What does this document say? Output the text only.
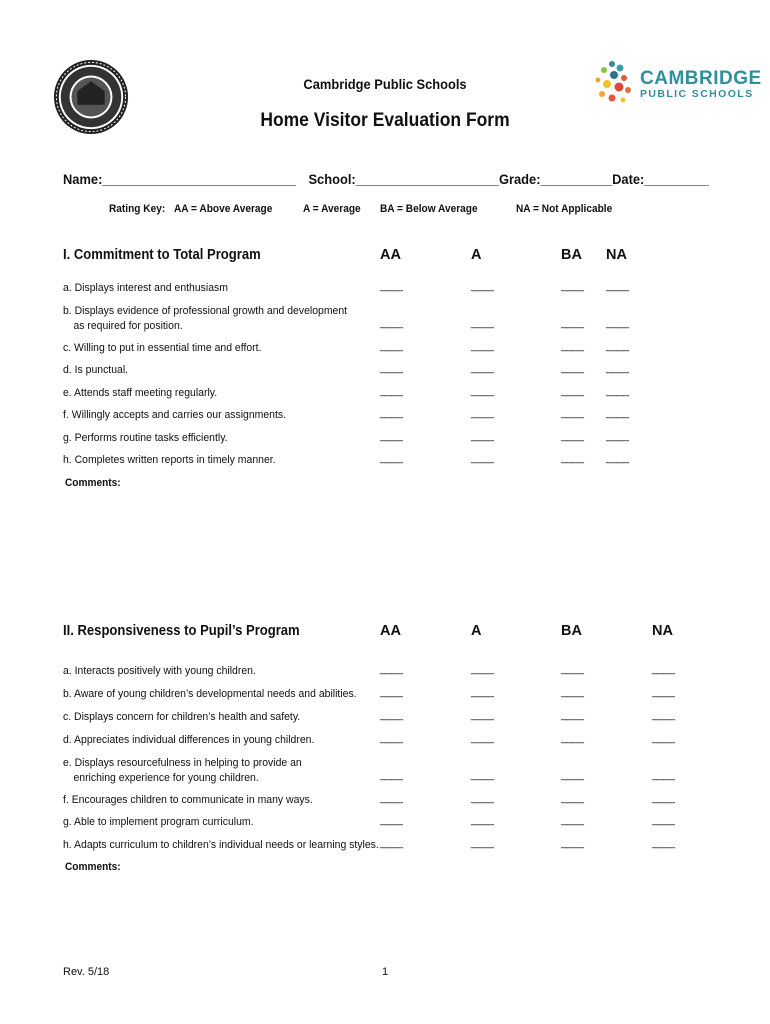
CAMBRIDGE
PUBLIC SCHOOLS
Cambridge Public Schools
Home Visitor Evaluation Form
Name:___________________________ School:____________________Grade:__________Date:_________
Rating Key: AA = Above Average	A = Average BA = Below Average	NA = Not Applicable
I. Commitment to Total Program	AA	A	BA NA
a. Displays interest and enthusiasm	____	____	____ ____
b. Displays evidence of professional growth and development
as required for position.	____	____	____ ____
c. Willing to put in essential time and effort.	____	____	____ ____
d. Is punctual.	____	____	____ ____
e. Attends staff meeting regularly.	____	____	____ ____
f. Willingly accepts and carries our assignments.	____	____	____ ____
g. Performs routine tasks efficiently.	____	____	____ ____
h. Completes written reports in timely manner.	____	____	____ ____
Comments:
II. Responsiveness to Pupil’s Program	AA	A	BA	NA
a. Interacts positively with young children.	____	____	____	____
b. Aware of young children’s developmental needs and abilities. ____	____	____	____
c. Displays concern for children’s health and safety.	____	____	____	____
d. Appreciates individual differences in young children.	____	____	____	____
e. Displays resourcefulness in helping to provide an
enriching experience for young children.	____	____	____	____
f. Encourages children to communicate in many ways.	____	____	____	____
g. Able to implement program curriculum.	____	____	____	____
h. Adapts curriculum to children’s individual needs or learning styles. ____	____	____	____
Comments:
Rev. 5/18	1
